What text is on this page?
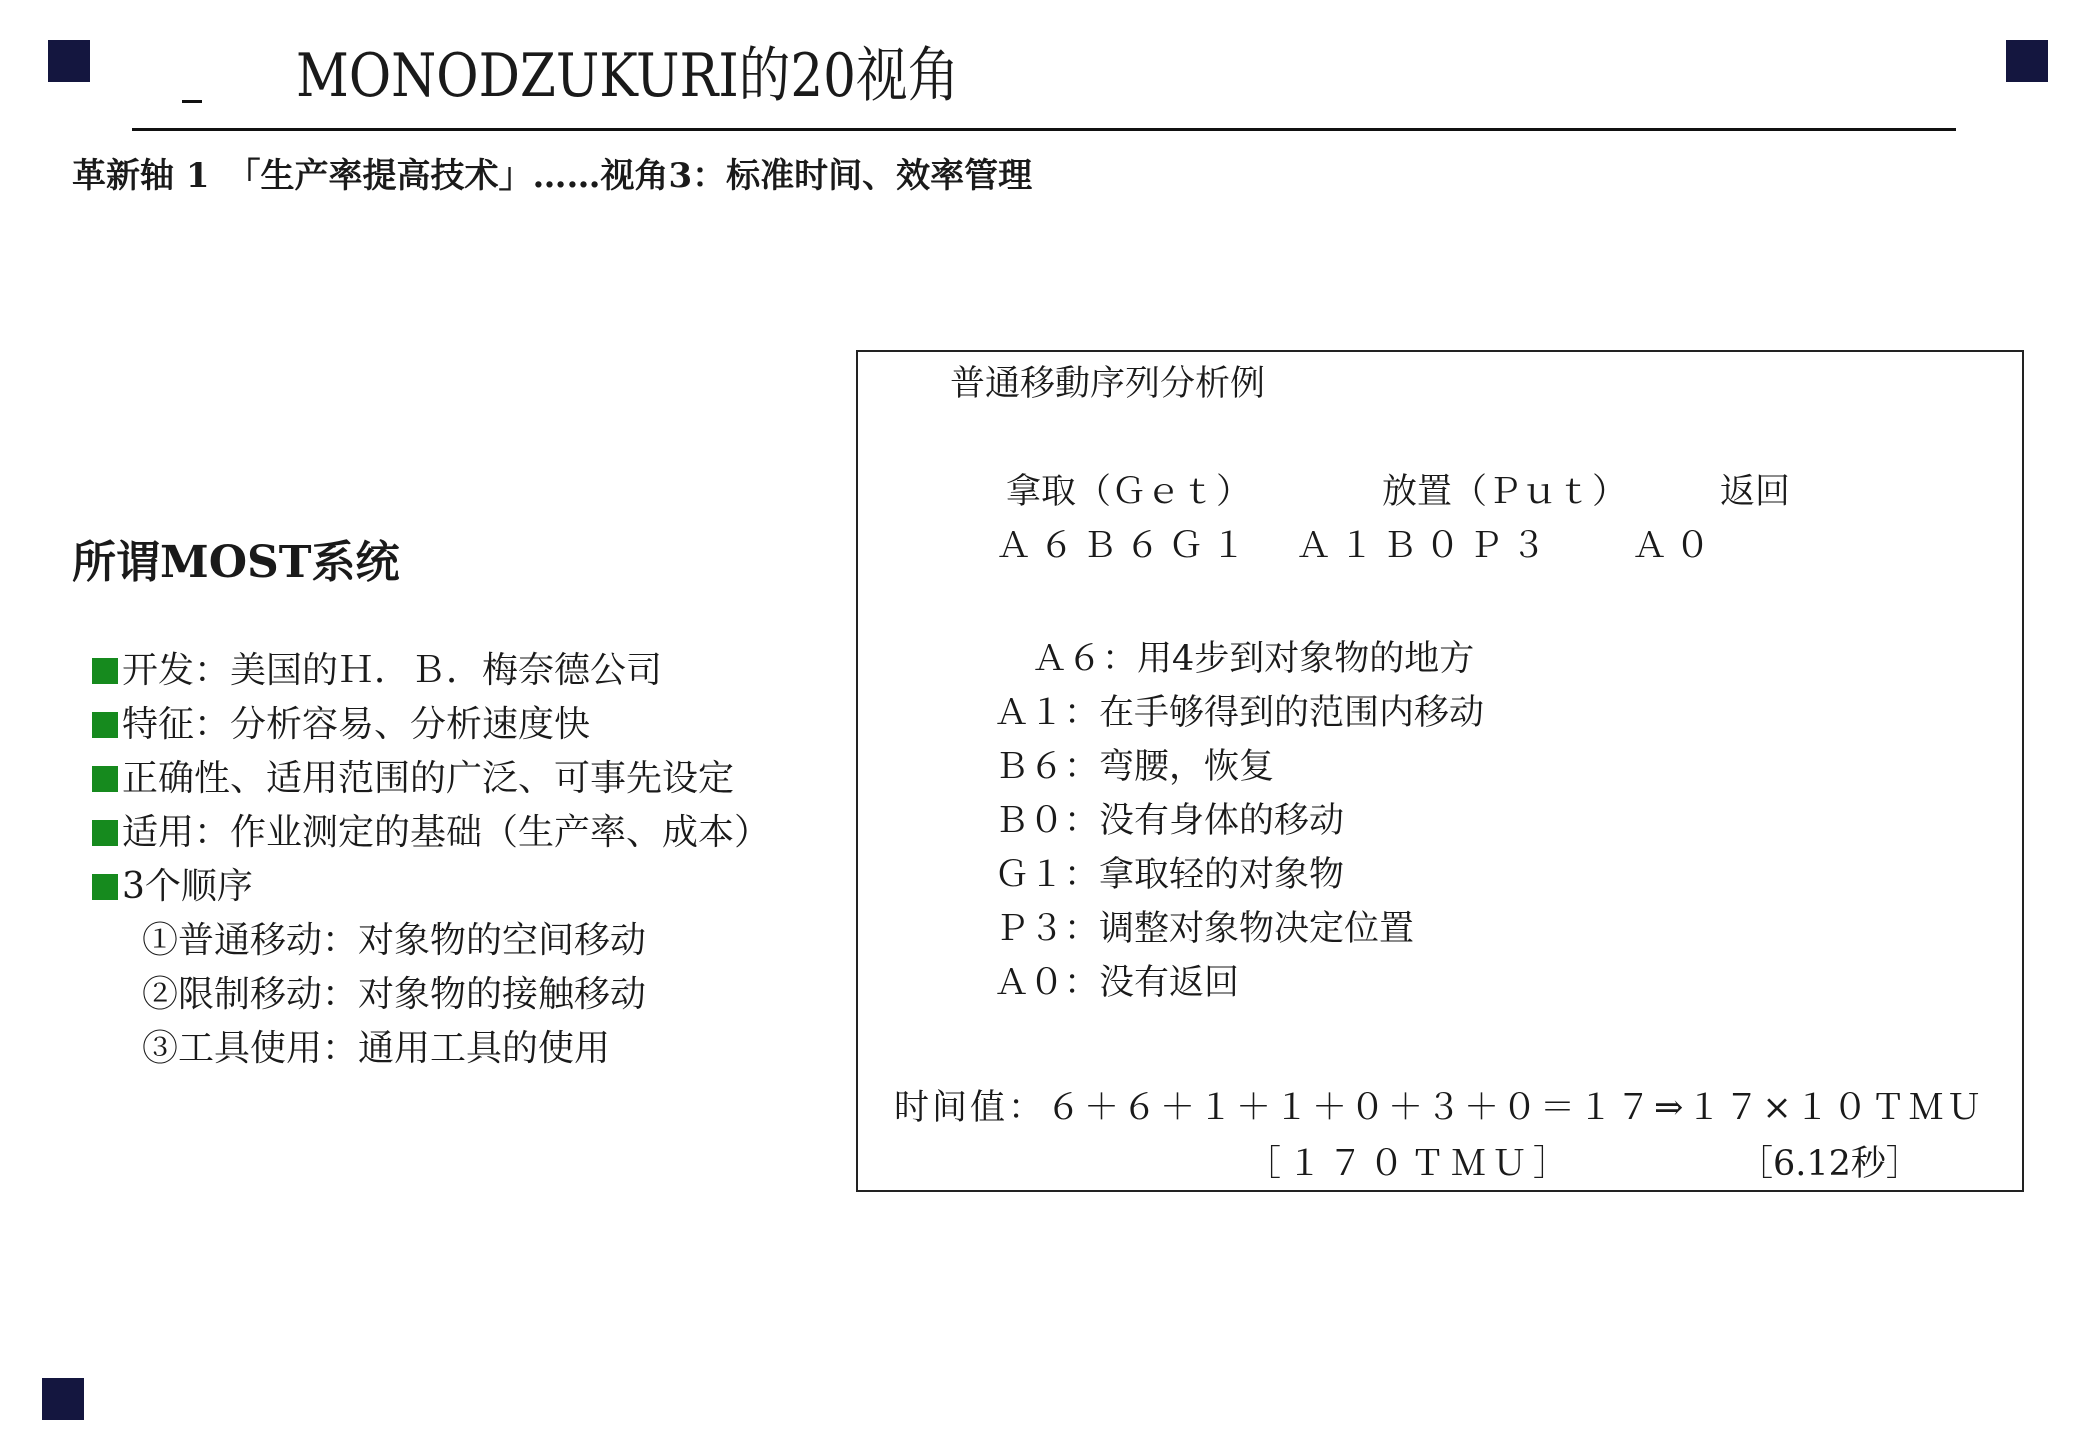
MONODZUKURI的20视角
革新轴 1　「生产率提高技术」……视角3：标准时间、效率管理
所谓MOST系统
开发：美国的Ｈ．Ｂ．梅奈德公司
特征：分析容易、分析速度快
正确性、适用范围的广泛、可事先设定
适用：作业测定的基础（生产率、成本）
3个顺序
①普通移动：对象物的空间移动
②限制移动：对象物的接触移动
③工具使用：通用工具的使用
普通移動序列分析例
拿取（Ｇｅｔ）	放置（Ｐｕｔ）	返回
Ａ６Ｂ６Ｇ１ Ａ１Ｂ０Ｐ３ Ａ０
Ａ６：用4步到对象物的地方
Ａ１：在手够得到的范围内移动
Ｂ６：弯腰，恢复
Ｂ０：没有身体的移动
Ｇ１：拿取轻的对象物
Ｐ３：调整对象物决定位置
Ａ０：没有返回
时间值：６＋６＋１＋１＋０＋３＋０＝１７⇒１７×１０ＴＭＵ
［１７０ＴＭＵ］	［6.12秒］
